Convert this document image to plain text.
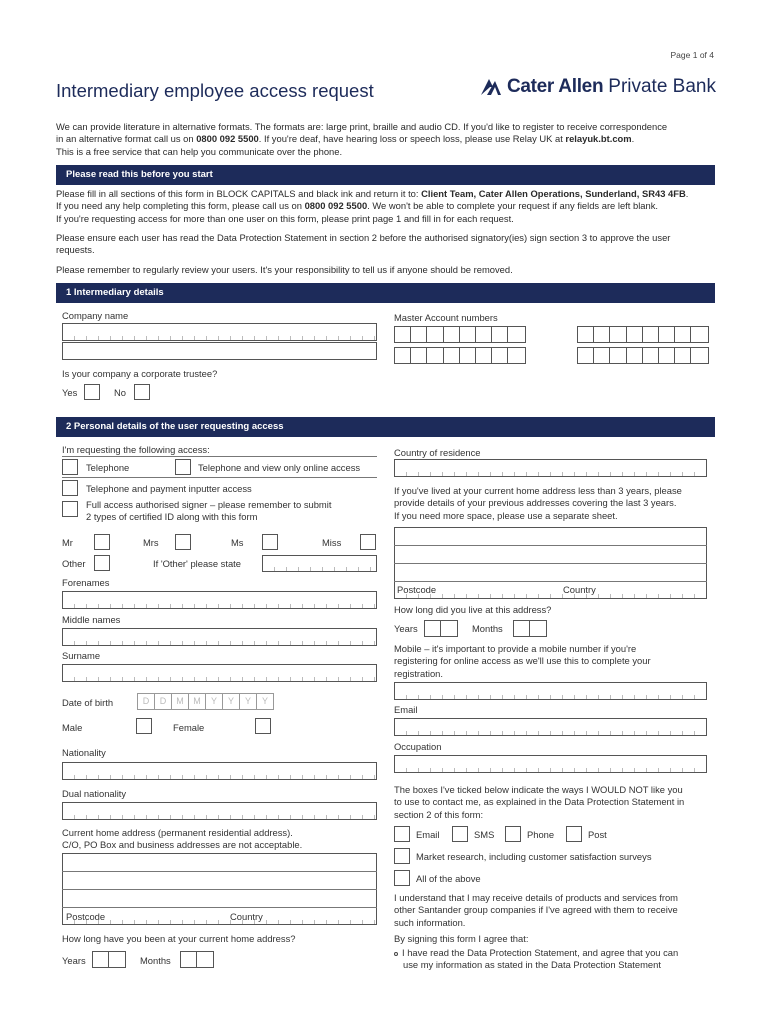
Page 1 of 4
Intermediary employee access request	Cater Allen Private Bank
We can provide literature in alternative formats. The formats are: large print, braille and audio CD. If you'd like to register to receive correspondence
in an alternative format call us on 0800 092 5500. If you're deaf, have hearing loss or speech loss, please use Relay UK at relayuk.bt.com.
This is a free service that can help you communicate over the phone.
Please read this before you start
Please fill in all sections of this form in BLOCK CAPITALS and black ink and return it to: Client Team, Cater Allen Operations, Sunderland, SR43 4FB.
If you need any help completing this form, please call us on 0800 092 5500. We won't be able to complete your request if any fields are left blank.
If you're requesting access for more than one user on this form, please print page 1 and fill in for each request.
Please ensure each user has read the Data Protection Statement in section 2 before the authorised signatory(ies) sign section 3 to approve the user requests.
Please remember to regularly review your users. It's your responsibility to tell us if anyone should be removed.
1 Intermediary details
Company name	Master Account numbers
Is your company a corporate trustee?
Yes	No
2 Personal details of the user requesting access
I'm requesting the following access:
Telephone	Telephone and view only online access
Telephone and payment inputter access
Full access authorised signer – please remember to submit
2 types of certified ID along with this form
Mr	Mrs	Ms	Miss
Other	If 'Other' please state
Forenames
Middle names
Surname
Date of birth	D	D	M	M	Y	Y	Y	Y
Male	Female
Nationality
Dual nationality
Current home address (permanent residential address).
C/O, PO Box and business addresses are not acceptable.
Postcode	Country
How long have you been at your current home address?
Years	Months
Country of residence
If you've lived at your current home address less than 3 years, please
provide details of your previous addresses covering the last 3 years.
If you need more space, please use a separate sheet.
Postcode	Country
How long did you live at this address?
Years	Months
Mobile – it's important to provide a mobile number if you're
registering for online access as we'll use this to complete your
registration.
Email
Occupation
The boxes I've ticked below indicate the ways I WOULD NOT like you
to use to contact me, as explained in the Data Protection Statement in
section 2 of this form:
Email	SMS	Phone	Post
Market research, including customer satisfaction surveys
All of the above
I understand that I may receive details of products and services from
other Santander group companies if I've agreed with them to receive
such information.
By signing this form I agree that:
I have read the Data Protection Statement, and agree that you can
use my information as stated in the Data Protection Statement
